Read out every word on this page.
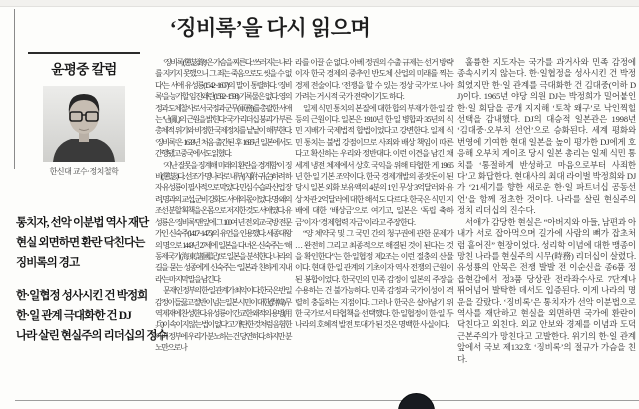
‘징비록’을 다시 읽으며
윤평중 칼럼
한신대 교수·정치철학
통치자, 선악 이분법 역사 재단
현실 외면하면 환란 닥친다는
징비록의 경고
한·일협정 성사시킨 건 박정희
한·일 관계 극대화한 건 DJ
나라 살린 현실주의 리더십의 정수

‘징비록(懲毖錄)’은 가슴을 찌른다. ‘쓰러지는 나라를 지키지 못했으니 그 죄는 죽음으로도 씻을 수 없다’는 서애 유성룡(1542~1607)의 말이 통렬하다. ‘징비록’을 능가할 임진왜란(1592~1598) 기록물은 없다. 영의정과 도체찰사로서 국정과 군무(軍務)를 총괄한 서애는 ‘난(亂)의 근원을 밝힌다.’ 국가 리더십 붕괴가 부른 총체적 위기와 비정한 국제정치를 낱낱이 해부한다. ‘징비록’은 1633년 처음 출간된 후 1695년 일본에서도 간행됐고 중국에서도 읽혔다.

‘지난 잘못을 징계해 미래의 환란을 경계함’이 징비(懲毖)다. 선조가 명나라로 내부(內附·귀순)하려 하자 유성룡이 필사적으로 막았다. 민심 수습과 산업 장려, 명과의 교섭, 군비 강화도 서애의 몫이었다. 명·왜의 조선 분할 획책을 온몸으로 저지한 것도 서애였다. 유성룡은 ‘징비록’ 맨 앞에 그 100여 년 전 외교·국방 전문가인 신숙주(1417~1475)의 유언을 인용했다. 세종대왕의 명으로 1443년 27세에 일본을 다녀온 신숙주는 ‘해동제국기(海東諸國記)’로 일본을 분석한다. 나라의 길을 묻는 성종에게 신숙주는 ‘일본과 친하게 지내라’는 마지막 말을 남긴다.

문재인 정부의 한·일 관계가 최악이다. 한국은 반일 감정이 들끓고 절반이 넘는 일본 시민이 대한(對韓) 무역 제재에 찬성한다. 유성룡이 ‘간교한 왜적의 용병(用兵)이 속이지 않는 법이 없다’고 개탄한 것처럼 음험한 아베 정부에 우리가 분노하는 건 당연하다. 하지만 분노만으로 나

라를 이끌 순 없다. 아베 정권의 수출 규제는 선거 방략이자 한국 경제의 중추인 반도체 산업의 미래를 찍는 경제 전술이다. ‘전쟁을 할 수 있는 정상 국가’로 나아가려는 거시적 국가 전략이기도 하다.

일제 식민 통치의 본질에 대한 합의 부재가 한·일 갈등의 근원이다. 일본은 1910년 한·일 병합과 35년의 식민 지배가 국제법적 합법이었다고 강변한다. 일제 식민 통치는 불법 강점이므로 사죄와 배상 책임이 따른다고 확신하는 우리와 정반대다. 이런 이견을 남긴 채 세계 냉전 체제에서 상호 국익을 위해 타협한 게 1965년 한·일 기본 조약이다. 한국 경제개발의 종잣돈이 된 당시 일본 외화 보유액의 4분의 1인 무상 3억달러와 유상 차관 2억달러에 대한 해석도 다르다. 한국은 식민 지배에 대한 ‘배상금’으로 여기고, 일본은 ‘독립 축하금’이자 ‘경제협력 자금’이라고 주장한다.

“양 체약국 및 그 국민 간의 청구권에 관한 문제가 … 완전히 그리고 최종적으로 해결된 것이 된다는 것을 확인한다”는 한·일협정 제2조는 이런 절충의 산물이다. 현대 한·일 관계의 기초이자 역사 전쟁의 근원이 된 봉합이었다. 한국민의 민족 감정이 일본의 주장을 수용하는 건 불가능하다. 민족 감정과 국가이성이 격렬히 충돌하는 지점이다. 그러나 한국은 살아남기 위한 국가로서 타협책을 선택했다. 한·일협정이 한·일 두 나라의 호혜적 발전 토대가 된 것은 명백한 사실이다.

훌륭한 지도자는 국가를 과거사와 민족 감정에 종속시키지 않는다. 한·일협정을 성사시킨 건 박정희였지만 한·일 관계를 극대화한 건 김대중(이하 DJ)이다. 1965년 야당 의원 DJ는 박정희가 밀어붙인 한·일 회담을 공개 지지해 ‘토착 왜구’로 낙인찍힐 선택을 감내했다. DJ의 대승적 일본관은 1998년 ‘김대중·오부치 선언’으로 승화된다. 세계 평화와 번영에 기여한 현대 일본을 높이 평가한 DJ에게 호응해 오부치 게이조 당시 일본 총리는 일제 식민 통치를 ‘통절하게 반성하고 마음으로부터 사죄한다’고 화답한다. 현대사의 최대 라이벌 박정희와 DJ가 ‘21세기를 향한 새로운 한·일 파트너십 공동선언’을 함께 정초한 것이다. 나라를 살린 현실주의 정치 리더십의 진수다.

서애가 감당한 현실은 “아버지와 아들, 남편과 아내가 서로 잡아먹으며 길가에 사람의 뼈가 잡초처럼 흩어진” 현장이었다. 성리학 이념에 대한 맹종이 망친 나라를 현실주의 시무(時務) 리더십이 살렸다. 유성룡의 안목은 전쟁 발발 전 이순신을 종6품 정읍현감에서 정3품 당상관 전라좌수사로 7단계나 뛰어넘어 발탁한 데서도 입증된다. 이게 나라의 명운을 갈랐다. ‘징비록’은 통치자가 선악 이분법으로 역사를 재단하고 현실을 외면하면 국가에 환란이 닥친다고 외친다. 외교 안보와 경제를 이념과 도덕근본주의가 망친다고 고발한다. 위기의 한·일 관계 앞에서 국보 제132호 ‘징비록’의 절규가 가슴을 친다.
